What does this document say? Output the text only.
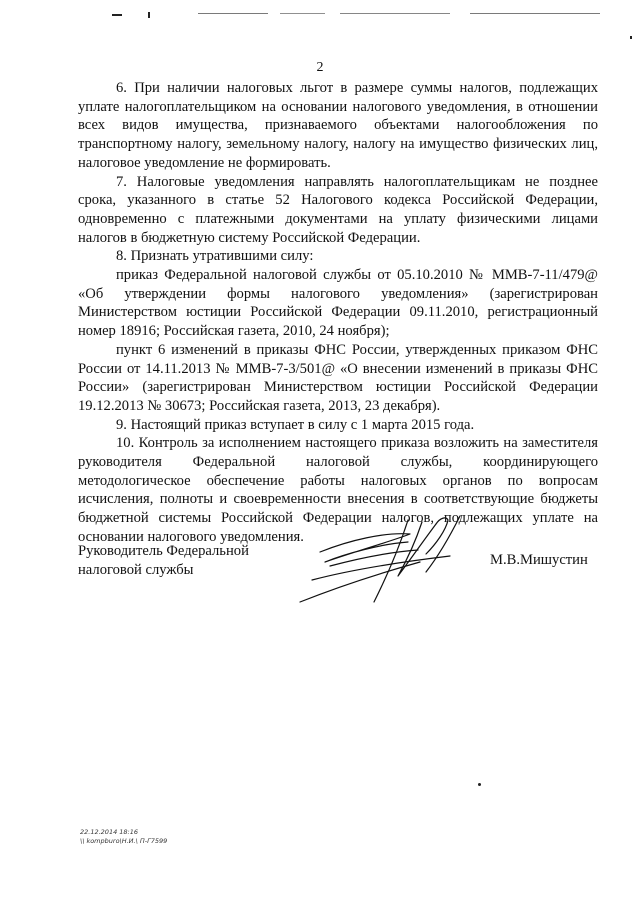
2

6. При наличии налоговых льгот в размере суммы налогов, подлежащих уплате налогоплательщиком на основании налогового уведомления, в отношении всех видов имущества, признаваемого объектами налогообложения по транспортному налогу, земельному налогу, налогу на имущество физических лиц, налоговое уведомление не формировать.

7. Налоговые уведомления направлять налогоплательщикам не позднее срока, указанного в статье 52 Налогового кодекса Российской Федерации, одновременно с платежными документами на уплату физическими лицами налогов в бюджетную систему Российской Федерации.

8. Признать утратившими силу:

приказ Федеральной налоговой службы от 05.10.2010 № ММВ-7-11/479@ «Об утверждении формы налогового уведомления» (зарегистрирован Министерством юстиции Российской Федерации 09.11.2010, регистрационный номер 18916; Российская газета, 2010, 24 ноября);

пункт 6 изменений в приказы ФНС России, утвержденных приказом ФНС России от 14.11.2013 № ММВ-7-3/501@ «О внесении изменений в приказы ФНС России» (зарегистрирован Министерством юстиции Российской Федерации 19.12.2013 № 30673; Российская газета, 2013, 23 декабря).

9. Настоящий приказ вступает в силу с 1 марта 2015 года.

10. Контроль за исполнением настоящего приказа возложить на заместителя руководителя Федеральной налоговой службы, координирующего методологическое обеспечение работы налоговых органов по вопросам исчисления, полноты и своевременности внесения в соответствующие бюджеты бюджетной системы Российской Федерации налогов, подлежащих уплате на основании налогового уведомления.

Руководитель Федеральной
налоговой службы
М.В.Мишустин
22.12.2014 18:16
\\ kompburo\Н.И.\ П-Г7599
